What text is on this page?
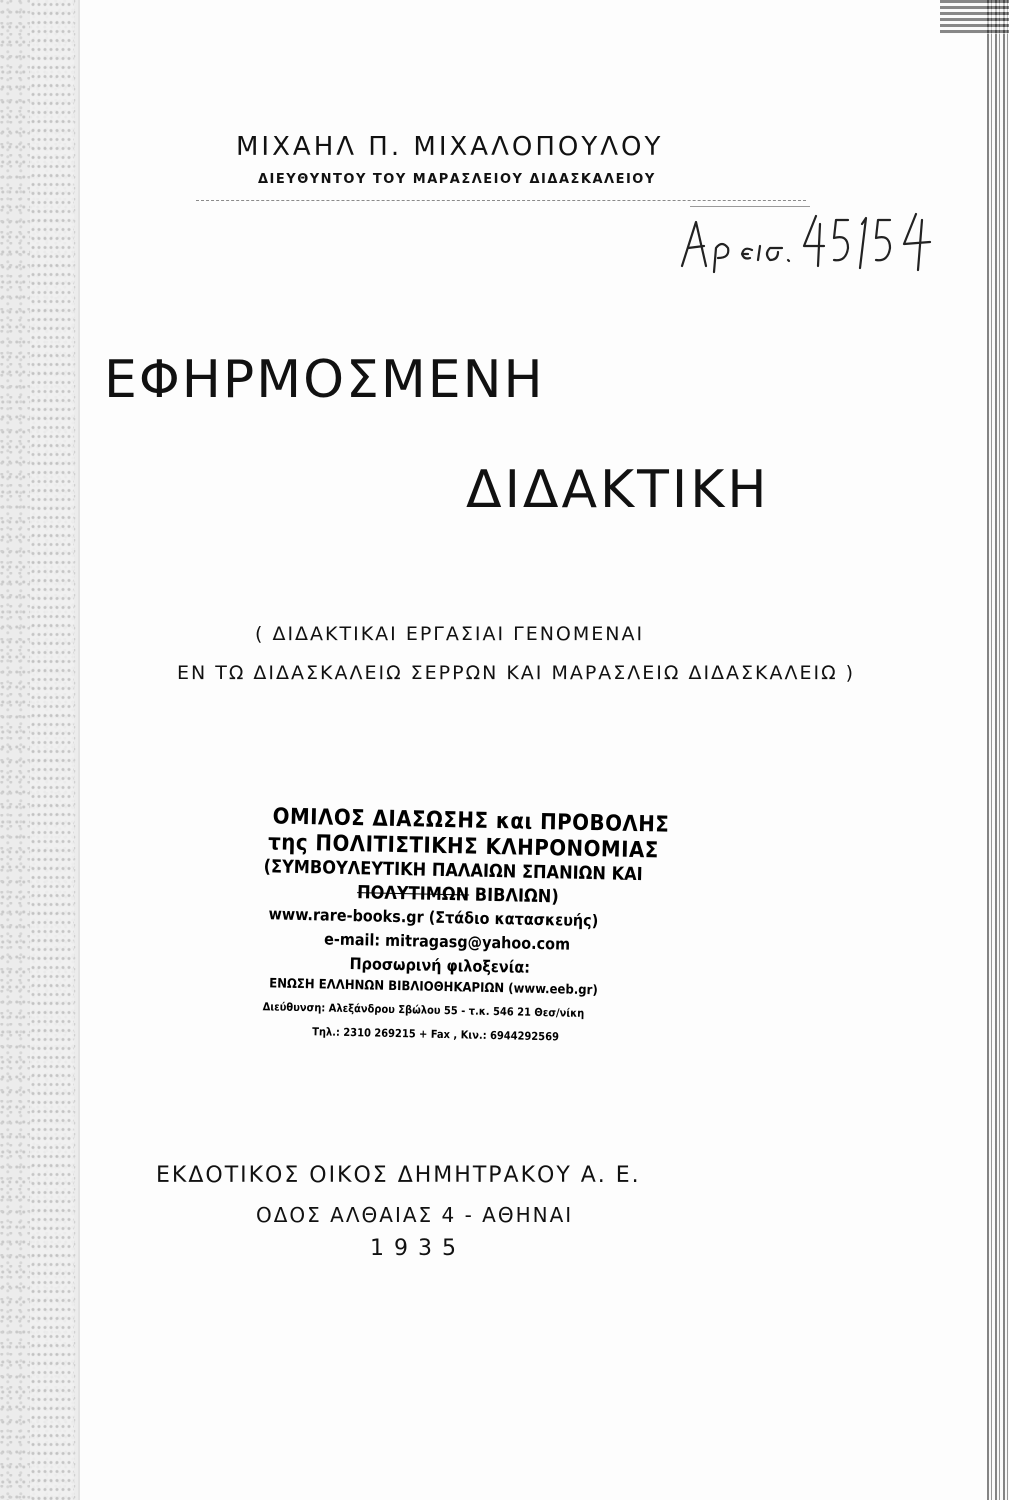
ΜΙΧΑΗΛ Π. ΜΙΧΑΛΟΠΟΥΛΟΥ
ΔΙΕΥΘΥΝΤΟΥ ΤΟΥ ΜΑΡΑΣΛΕΙΟΥ ΔΙΔΑΣΚΑΛΕΙΟΥ
ΕΦΗΡΜΟΣΜΕΝΗ
ΔΙΔΑΚΤΙΚΗ
( ΔΙΔΑΚΤΙΚΑΙ ΕΡΓΑΣΙΑΙ ΓΕΝΟΜΕΝΑΙ
ΕΝ ΤΩ ΔΙΔΑΣΚΑΛΕΙΩ ΣΕΡΡΩΝ ΚΑΙ ΜΑΡΑΣΛΕΙΩ ΔΙΔΑΣΚΑΛΕΙΩ )
ΟΜΙΛΟΣ ΔΙΑΣΩΣΗΣ και ΠΡΟΒΟΛΗΣ
της ΠΟΛΙΤΙΣΤΙΚΗΣ ΚΛΗΡΟΝΟΜΙΑΣ
(ΣΥΜΒΟΥΛΕΥΤΙΚΗ ΠΑΛΑΙΩΝ ΣΠΑΝΙΩΝ ΚΑΙ
ΠΟΛΥΤΙΜΩΝ ΒΙΒΛΙΩΝ)
www.rare-books.gr (Στάδιο κατασκευής)
e-mail: mitragasg@yahoo.com
Προσωρινή φιλοξενία:
ΕΝΩΣΗ ΕΛΛΗΝΩΝ ΒΙΒΛΙΟΘΗΚΑΡΙΩΝ (www.eeb.gr)
Διεύθυνση: Αλεξάνδρου Σβώλου 55 - τ.κ. 546 21 Θεσ/νίκη
Τηλ.: 2310 269215 + Fax , Κιν.: 6944292569
ΕΚΔΟΤΙΚΟΣ ΟΙΚΟΣ ΔΗΜΗΤΡΑΚΟΥ Α. Ε.
ΟΔΟΣ ΑΛΘΑΙΑΣ 4 - ΑΘΗΝΑΙ
1935
